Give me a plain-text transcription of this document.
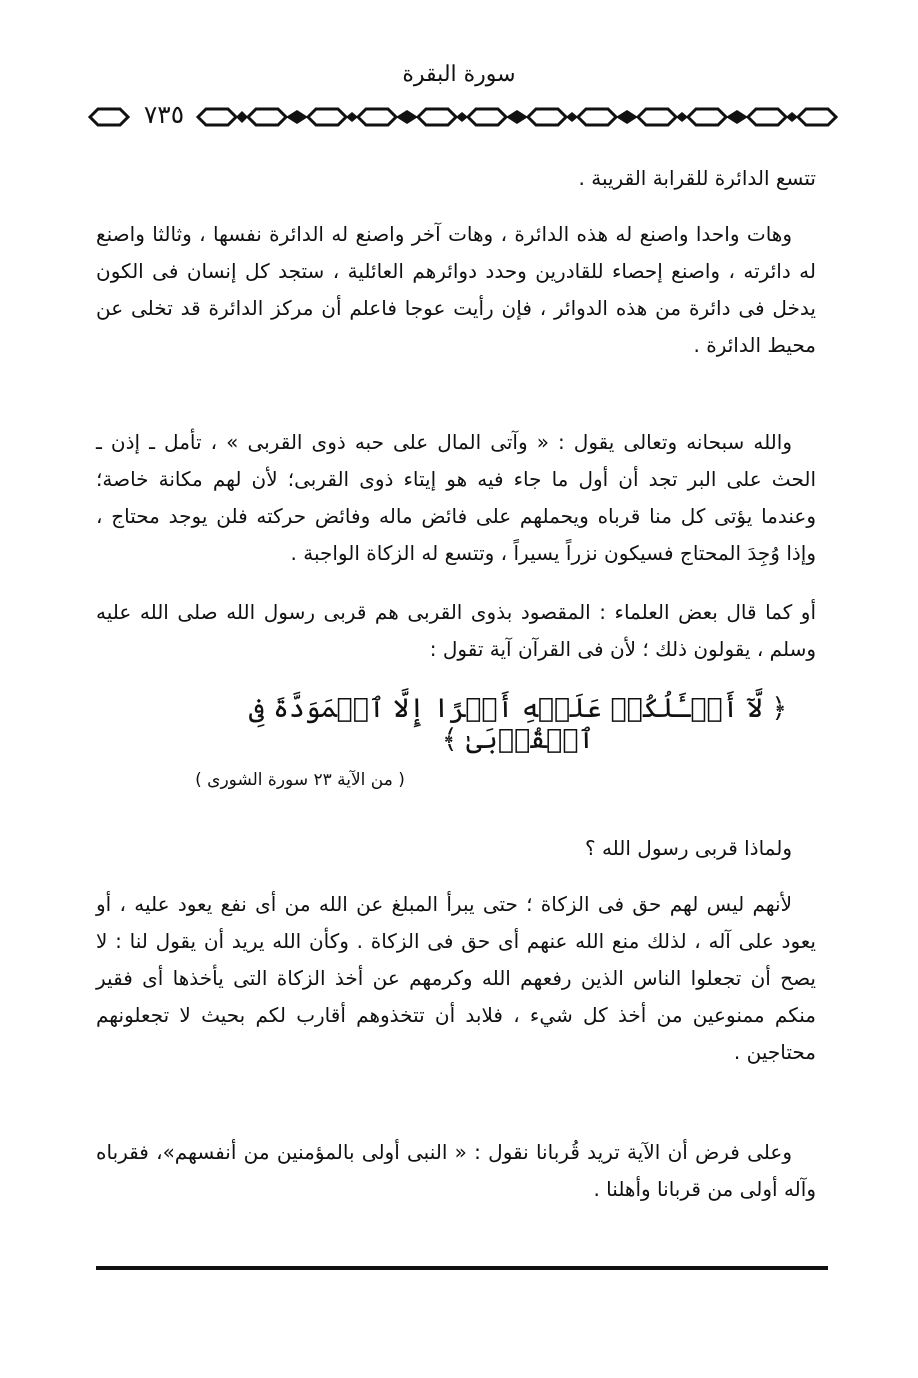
سورة البقرة
٧٣٥

تتسع الدائرة للقرابة القريبة .

وهات واحدا واصنع له هذه الدائرة ، وهات آخر واصنع له الدائرة نفسها ، وثالثا واصنع له دائرته ، واصنع إحصاء للقادرين وحدد دوائرهم العائلية ، ستجد كل إنسان فى الكون يدخل فى دائرة من هذه الدوائر ، فإن رأيت عوجا فاعلم أن مركز الدائرة قد تخلى عن محيط الدائرة .

والله سبحانه وتعالى يقول : « وآتى المال على حبه ذوى القربى » ، تأمل ـ إذن ـ الحث على البر تجد أن أول ما جاء فيه هو إيتاء ذوى القربى؛ لأن لهم مكانة خاصة؛ وعندما يؤتى كل منا قرباه ويحملهم على فائض ماله وفائض حركته فلن يوجد محتاج ، وإذا وُجِدَ المحتاج فسيكون نزراً يسيراً ، وتتسع له الزكاة الواجبة .

أو كما قال بعض العلماء : المقصود بذوى القربى هم قربى رسول الله صلى الله عليه وسلم ، يقولون ذلك ؛ لأن فى القرآن آية تقول :

﴿ لَّآ أَسۡـَٔلُكُمۡ عَلَيۡهِ أَجۡرًا إِلَّا ٱلۡمَوَدَّةَ فِى ٱلۡقُرۡبَىٰ ﴾
( من الآية ٢٣ سورة الشورى )

ولماذا قربى رسول الله ؟

لأنهم ليس لهم حق فى الزكاة ؛ حتى يبرأ المبلغ عن الله من أى نفع يعود عليه ، أو يعود على آله ، لذلك منع الله عنهم أى حق فى الزكاة . وكأن الله يريد أن يقول لنا : لا يصح أن تجعلوا الناس الذين رفعهم الله وكرمهم عن أخذ الزكاة التى يأخذها أى فقير منكم ممنوعين من أخذ كل شيء ، فلابد أن تتخذوهم أقارب لكم بحيث لا تجعلونهم محتاجين .

وعلى فرض أن الآية تريد قُربانا نقول : « النبى أولى بالمؤمنين من أنفسهم»، فقرباه وآله أولى من قربانا وأهلنا .
